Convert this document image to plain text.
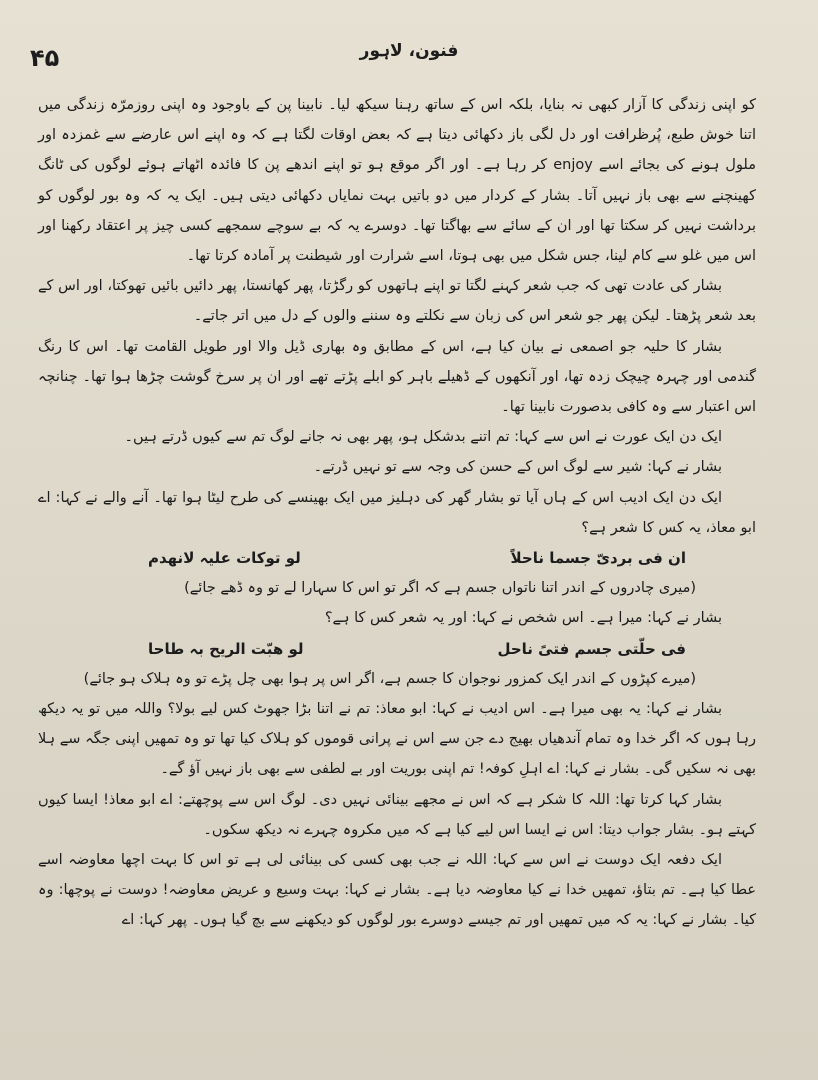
۴۵	فنون، لاہور

کو اپنی زندگی کا آزار کبھی نہ بنایا، بلکہ اس کے ساتھ رہنا سیکھ لیا۔ نابینا پن کے باوجود وہ اپنی روزمرّہ زندگی میں اتنا خوش طبع، پُرظرافت اور دل لگی باز دکھائی دیتا ہے کہ بعض اوقات لگتا ہے کہ وہ اپنے اس عارضے سے غمزدہ اور ملول ہونے کی بجائے اسے enjoy کر رہا ہے۔ اور اگر موقع ہو تو اپنے اندھے پن کا فائدہ اٹھاتے ہوئے لوگوں کی ٹانگ کھینچنے سے بھی باز نہیں آتا۔ بشار کے کردار میں دو باتیں بہت نمایاں دکھائی دیتی ہیں۔ ایک یہ کہ وہ بور لوگوں کو برداشت نہیں کر سکتا تھا اور ان کے سائے سے بھاگتا تھا۔ دوسرے یہ کہ بے سوچے سمجھے کسی چیز پر اعتقاد رکھنا اور اس میں غلو سے کام لینا، جس شکل میں بھی ہوتا، اسے شرارت اور شیطنت پر آمادہ کرتا تھا۔

بشار کی عادت تھی کہ جب شعر کہنے لگتا تو اپنے ہاتھوں کو رگڑتا، پھر کھانستا، پھر دائیں بائیں تھوکتا، اور اس کے بعد شعر پڑھتا۔ لیکن پھر جو شعر اس کی زبان سے نکلتے وہ سننے والوں کے دل میں اتر جاتے۔

بشار کا حلیہ جو اصمعی نے بیان کیا ہے، اس کے مطابق وہ بھاری ڈیل والا اور طویل القامت تھا۔ اس کا رنگ گندمی اور چہرہ چیچک زدہ تھا، اور آنکھوں کے ڈھیلے باہر کو ابلے پڑتے تھے اور ان پر سرخ گوشت چڑھا ہوا تھا۔ چنانچہ اس اعتبار سے وہ کافی بدصورت نابینا تھا۔

ایک دن ایک عورت نے اس سے کہا: تم اتنے بدشکل ہو، پھر بھی نہ جانے لوگ تم سے کیوں ڈرتے ہیں۔

بشار نے کہا: شیر سے لوگ اس کے حسن کی وجہ سے تو نہیں ڈرتے۔

ایک دن ایک ادیب اس کے ہاں آیا تو بشار گھر کی دہلیز میں ایک بھینسے کی طرح لیٹا ہوا تھا۔ آنے والے نے کہا: اے ابو معاذ، یہ کس کا شعر ہے؟

ان فی بردیّ جسما ناحلاً
لو توکات علیہ لانھدم

(میری چادروں کے اندر اتنا ناتواں جسم ہے کہ اگر تو اس کا سہارا لے تو وہ ڈھے جائے)

بشار نے کہا: میرا ہے۔ اس شخص نے کہا: اور یہ شعر کس کا ہے؟

فی حلّتی جسم فتیً ناحل
لو ھبّت الریح بہ طاحا

(میرے کپڑوں کے اندر ایک کمزور نوجوان کا جسم ہے، اگر اس پر ہوا بھی چل پڑے تو وہ ہلاک ہو جائے)

بشار نے کہا: یہ بھی میرا ہے۔ اس ادیب نے کہا: ابو معاذ: تم نے اتنا بڑا جھوٹ کس لیے بولا؟ واللہ میں تو یہ دیکھ رہا ہوں کہ اگر خدا وہ تمام آندھیاں بھیج دے جن سے اس نے پرانی قوموں کو ہلاک کیا تھا تو وہ تمھیں اپنی جگہ سے ہلا بھی نہ سکیں گی۔ بشار نے کہا: اے اہلِ کوفہ! تم اپنی بوریت اور بے لطفی سے بھی باز نہیں آؤ گے۔

بشار کہا کرتا تھا: اللہ کا شکر ہے کہ اس نے مجھے بینائی نہیں دی۔ لوگ اس سے پوچھتے: اے ابو معاذ! ایسا کیوں کہتے ہو۔ بشار جواب دیتا: اس نے ایسا اس لیے کیا ہے کہ میں مکروہ چہرے نہ دیکھ سکوں۔

ایک دفعہ ایک دوست نے اس سے کہا: اللہ نے جب بھی کسی کی بینائی لی ہے تو اس کا بہت اچھا معاوضہ اسے عطا کیا ہے۔ تم بتاؤ، تمھیں خدا نے کیا معاوضہ دیا ہے۔ بشار نے کہا: بہت وسیع و عریض معاوضہ! دوست نے پوچھا: وہ کیا۔ بشار نے کہا: یہ کہ میں تمھیں اور تم جیسے دوسرے بور لوگوں کو دیکھنے سے بچ گیا ہوں۔ پھر کہا: اے
